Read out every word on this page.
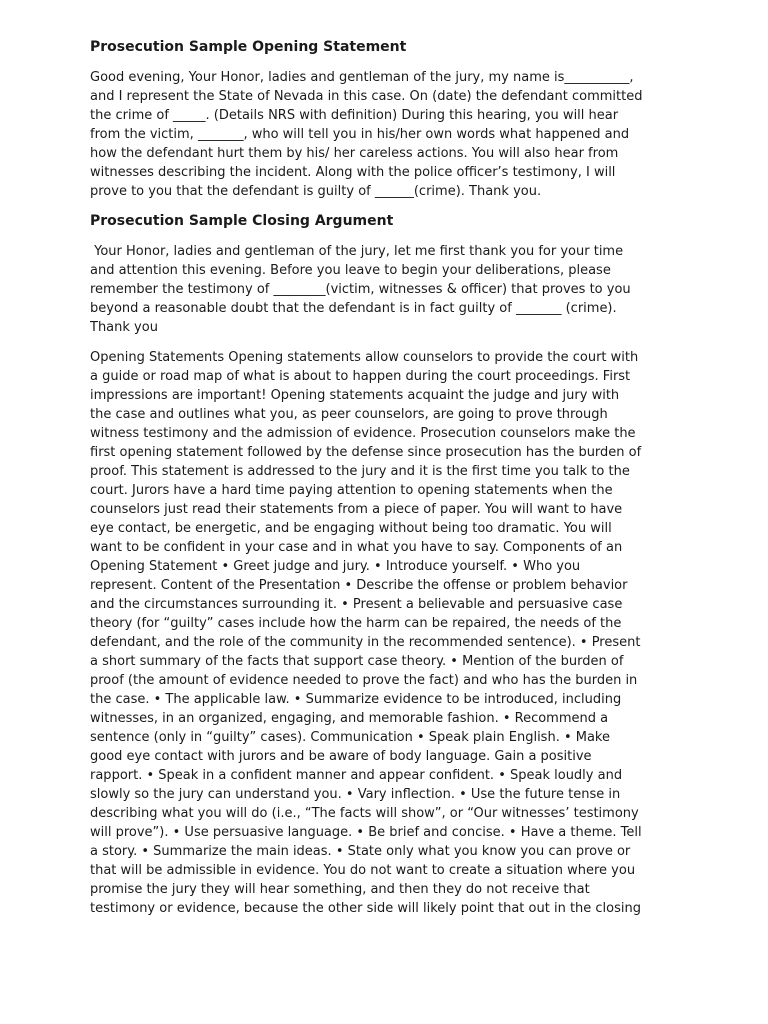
Prosecution Sample Opening Statement
Good evening, Your Honor, ladies and gentleman of the jury, my name is__________,
and I represent the State of Nevada in this case. On (date) the defendant committed
the crime of _____. (Details NRS with definition) During this hearing, you will hear
from the victim, _______, who will tell you in his/her own words what happened and
how the defendant hurt them by his/ her careless actions. You will also hear from
witnesses describing the incident. Along with the police officer’s testimony, I will
prove to you that the defendant is guilty of ______(crime). Thank you.
Prosecution Sample Closing Argument
Your Honor, ladies and gentleman of the jury, let me first thank you for your time
and attention this evening. Before you leave to begin your deliberations, please
remember the testimony of ________(victim, witnesses & officer) that proves to you
beyond a reasonable doubt that the defendant is in fact guilty of _______ (crime).
Thank you
Opening Statements Opening statements allow counselors to provide the court with
a guide or road map of what is about to happen during the court proceedings. First
impressions are important! Opening statements acquaint the judge and jury with
the case and outlines what you, as peer counselors, are going to prove through
witness testimony and the admission of evidence. Prosecution counselors make the
first opening statement followed by the defense since prosecution has the burden of
proof. This statement is addressed to the jury and it is the first time you talk to the
court. Jurors have a hard time paying attention to opening statements when the
counselors just read their statements from a piece of paper. You will want to have
eye contact, be energetic, and be engaging without being too dramatic. You will
want to be confident in your case and in what you have to say. Components of an
Opening Statement • Greet judge and jury. • Introduce yourself. • Who you
represent. Content of the Presentation • Describe the offense or problem behavior
and the circumstances surrounding it. • Present a believable and persuasive case
theory (for “guilty” cases include how the harm can be repaired, the needs of the
defendant, and the role of the community in the recommended sentence). • Present
a short summary of the facts that support case theory. • Mention of the burden of
proof (the amount of evidence needed to prove the fact) and who has the burden in
the case. • The applicable law. • Summarize evidence to be introduced, including
witnesses, in an organized, engaging, and memorable fashion. • Recommend a
sentence (only in “guilty” cases). Communication • Speak plain English. • Make
good eye contact with jurors and be aware of body language. Gain a positive
rapport. • Speak in a confident manner and appear confident. • Speak loudly and
slowly so the jury can understand you. • Vary inflection. • Use the future tense in
describing what you will do (i.e., “The facts will show”, or “Our witnesses’ testimony
will prove”). • Use persuasive language. • Be brief and concise. • Have a theme. Tell
a story. • Summarize the main ideas. • State only what you know you can prove or
that will be admissible in evidence. You do not want to create a situation where you
promise the jury they will hear something, and then they do not receive that
testimony or evidence, because the other side will likely point that out in the closing
